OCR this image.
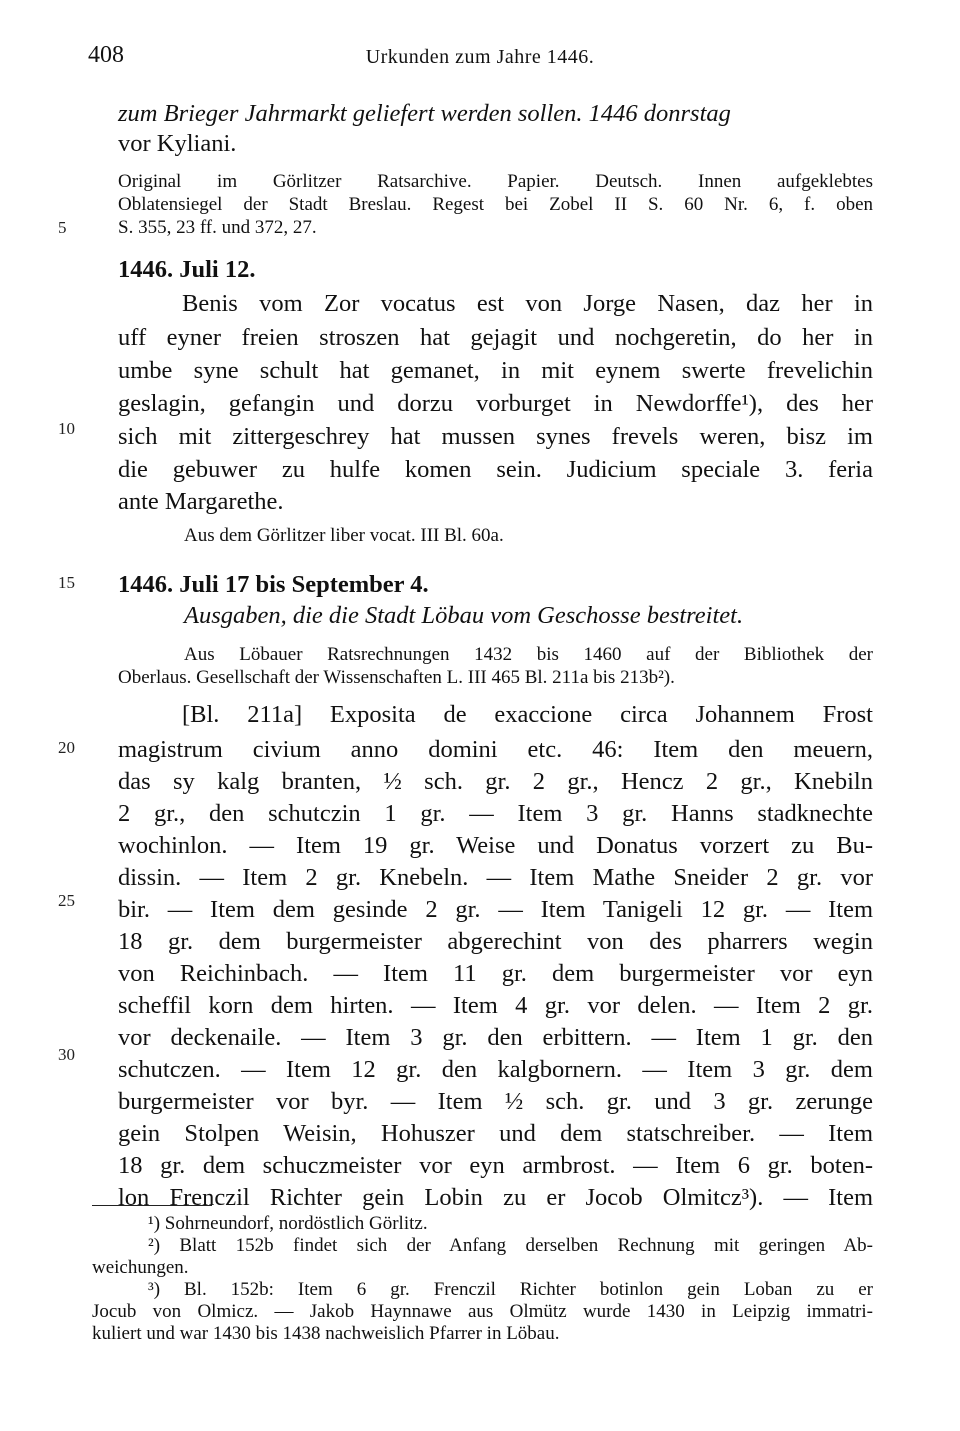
408	Urkunden zum Jahre 1446.
5
10
15
20
25
30
zum Brieger Jahrmarkt geliefert werden sollen. 1446 donrstag
vor Kyliani.
Original im Görlitzer Ratsarchive. Papier. Deutsch. Innen aufgeklebtes
Oblatensiegel der Stadt Breslau. Regest bei Zobel II S. 60 Nr. 6, f. oben
S. 355, 23 ff. und 372, 27.
1446. Juli 12.
Benis vom Zor vocatus est von Jorge Nasen, daz her in
uff eyner freien stroszen hat gejagit und nochgeretin, do her in
umbe syne schult hat gemanet, in mit eynem swerte frevelichin
geslagin, gefangin und dorzu vorburget in Newdorffe¹), des her
sich mit zittergeschrey hat mussen synes frevels weren, bisz im
die gebuwer zu hulfe komen sein. Judicium speciale 3. feria
ante Margarethe.
Aus dem Görlitzer liber vocat. III Bl. 60a.
1446. Juli 17 bis September 4.
Ausgaben, die die Stadt Löbau vom Geschosse bestreitet.
Aus Löbauer Ratsrechnungen 1432 bis 1460 auf der Bibliothek der
Oberlaus. Gesellschaft der Wissenschaften L. III 465 Bl. 211a bis 213b²).
[Bl. 211a] Exposita de exaccione circa Johannem Frost
magistrum civium anno domini etc. 46: Item den meuern,
das sy kalg branten, ½ sch. gr. 2 gr., Hencz 2 gr., Knebiln
2 gr., den schutczin 1 gr. — Item 3 gr. Hanns stadknechte
wochinlon. — Item 19 gr. Weise und Donatus vorzert zu Bu-
dissin. — Item 2 gr. Knebeln. — Item Mathe Sneider 2 gr. vor
bir. — Item dem gesinde 2 gr. — Item Tanigeli 12 gr. — Item
18 gr. dem burgermeister abgerechint von des pharrers wegin
von Reichinbach. — Item 11 gr. dem burgermeister vor eyn
scheffil korn dem hirten. — Item 4 gr. vor delen. — Item 2 gr.
vor deckenaile. — Item 3 gr. den erbittern. — Item 1 gr. den
schutczen. — Item 12 gr. den kalgbornern. — Item 3 gr. dem
burgermeister vor byr. — Item ½ sch. gr. und 3 gr. zerunge
gein Stolpen Weisin, Hohuszer und dem statschreiber. — Item
18 gr. dem schuczmeister vor eyn armbrost. — Item 6 gr. boten-
lon Frenczil Richter gein Lobin zu er Jocob Olmitcz³). — Item
¹) Sohrneundorf, nordöstlich Görlitz.
²) Blatt 152b findet sich der Anfang derselben Rechnung mit geringen Ab-
weichungen.
³) Bl. 152b: Item 6 gr. Frenczil Richter botinlon gein Loban zu er
Jocub von Olmicz. — Jakob Haynnawe aus Olmütz wurde 1430 in Leipzig immatri-
kuliert und war 1430 bis 1438 nachweislich Pfarrer in Löbau.
